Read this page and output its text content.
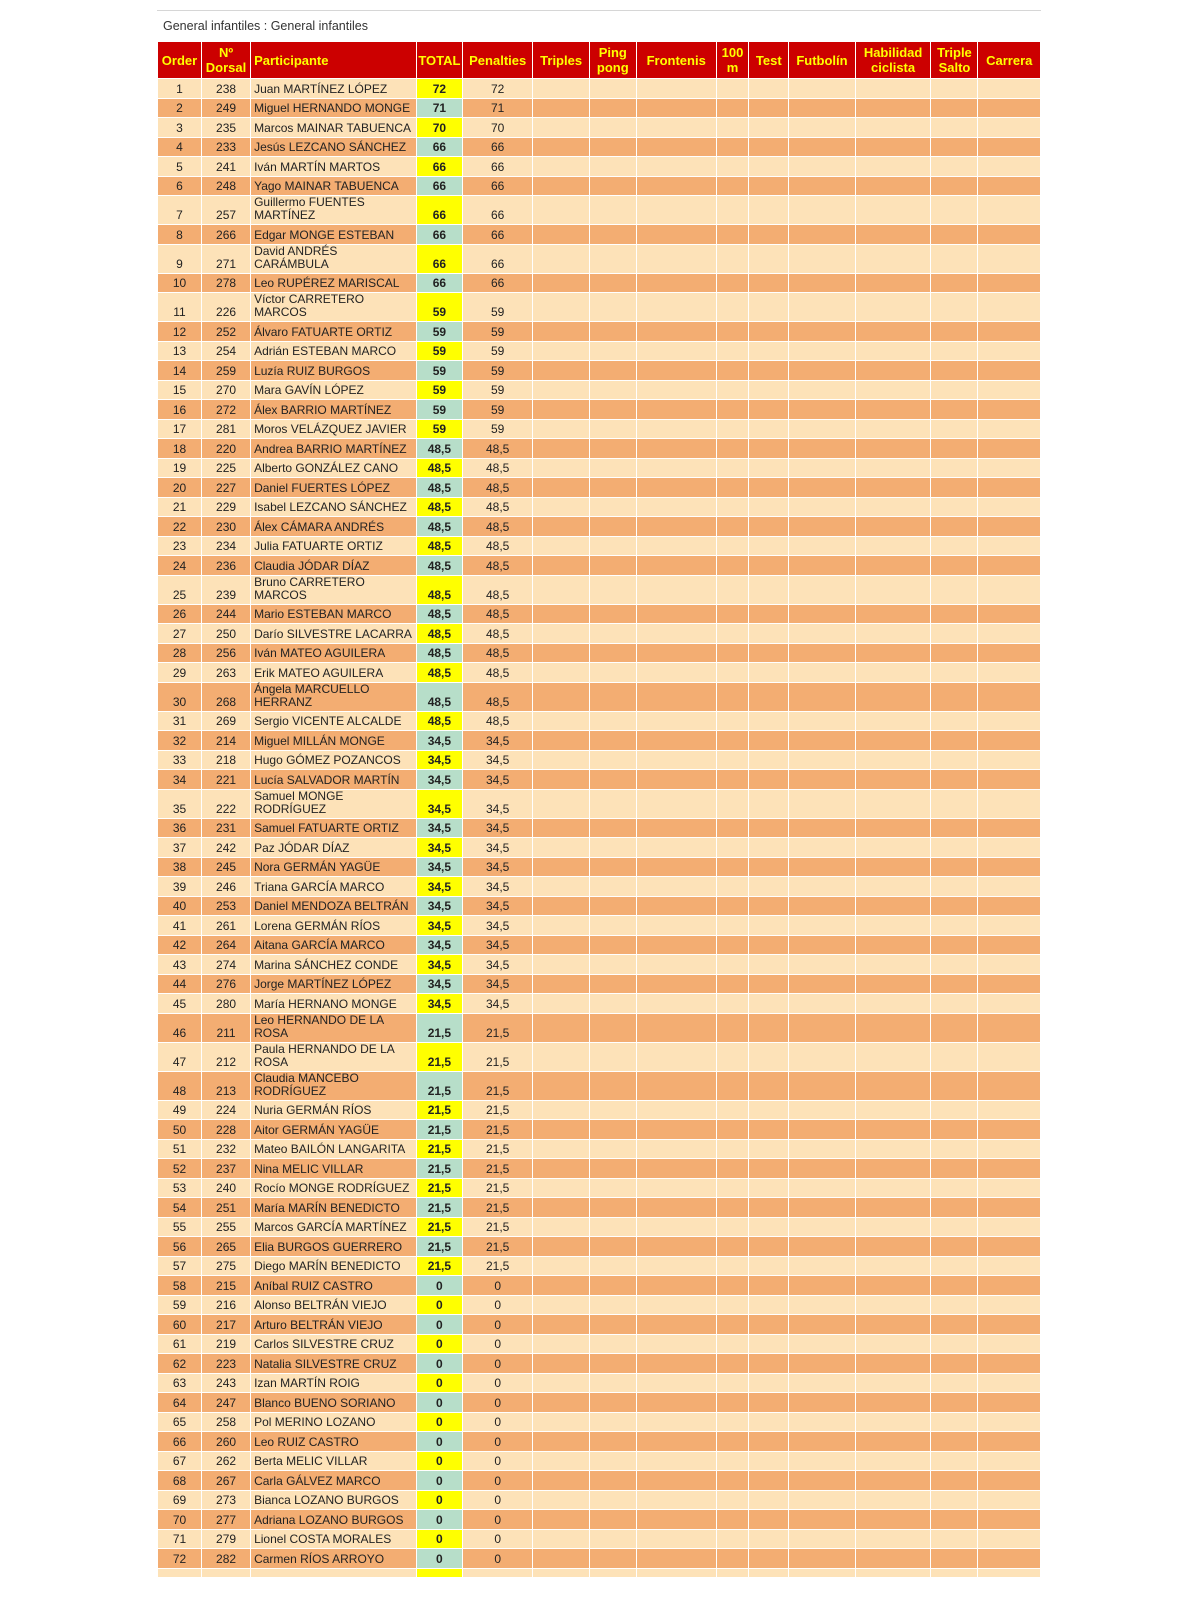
General infantiles : General infantiles
Order	Nº Dorsal	Participante	TOTAL	Penalties	Triples	Ping pong	Frontenis	100 m	Test	Futbolín	Habilidad ciclista	Triple Salto	Carrera
1	238	Juan MARTÍNEZ LÓPEZ	72	72									
2	249	Miguel HERNANDO MONGE	71	71									
3	235	Marcos MAINAR TABUENCA	70	70									
4	233	Jesús LEZCANO SÁNCHEZ	66	66									
5	241	Iván MARTÍN MARTOS	66	66									
6	248	Yago MAINAR TABUENCA	66	66									
7	257	Guillermo FUENTES MARTÍNEZ	66	66									
8	266	Edgar MONGE ESTEBAN	66	66									
9	271	David ANDRÉS CARÁMBULA	66	66									
10	278	Leo RUPÉREZ MARISCAL	66	66									
11	226	Víctor CARRETERO MARCOS	59	59									
12	252	Álvaro FATUARTE ORTIZ	59	59									
13	254	Adrián ESTEBAN MARCO	59	59									
14	259	Luzía RUIZ BURGOS	59	59									
15	270	Mara GAVÍN LÓPEZ	59	59									
16	272	Álex BARRIO MARTÍNEZ	59	59									
17	281	Moros VELÁZQUEZ JAVIER	59	59									
18	220	Andrea BARRIO MARTÍNEZ	48,5	48,5									
19	225	Alberto GONZÁLEZ CANO	48,5	48,5									
20	227	Daniel FUERTES LÓPEZ	48,5	48,5									
21	229	Isabel LEZCANO SÁNCHEZ	48,5	48,5									
22	230	Álex CÁMARA ANDRÉS	48,5	48,5									
23	234	Julia FATUARTE ORTIZ	48,5	48,5									
24	236	Claudia JÓDAR DÍAZ	48,5	48,5									
25	239	Bruno CARRETERO MARCOS	48,5	48,5									
26	244	Mario ESTEBAN MARCO	48,5	48,5									
27	250	Darío SILVESTRE LACARRA	48,5	48,5									
28	256	Iván MATEO AGUILERA	48,5	48,5									
29	263	Erik MATEO AGUILERA	48,5	48,5									
30	268	Ángela MARCUELLO HERRANZ	48,5	48,5									
31	269	Sergio VICENTE ALCALDE	48,5	48,5									
32	214	Miguel MILLÁN MONGE	34,5	34,5									
33	218	Hugo GÓMEZ POZANCOS	34,5	34,5									
34	221	Lucía SALVADOR MARTÍN	34,5	34,5									
35	222	Samuel MONGE RODRÍGUEZ	34,5	34,5									
36	231	Samuel FATUARTE ORTIZ	34,5	34,5									
37	242	Paz JÓDAR DÍAZ	34,5	34,5									
38	245	Nora GERMÁN YAGÜE	34,5	34,5									
39	246	Triana GARCÍA MARCO	34,5	34,5									
40	253	Daniel MENDOZA BELTRÁN	34,5	34,5									
41	261	Lorena GERMÁN RÍOS	34,5	34,5									
42	264	Aitana GARCÍA MARCO	34,5	34,5									
43	274	Marina SÁNCHEZ CONDE	34,5	34,5									
44	276	Jorge MARTÍNEZ LÓPEZ	34,5	34,5									
45	280	María HERNANO MONGE	34,5	34,5									
46	211	Leo HERNANDO DE LA ROSA	21,5	21,5									
47	212	Paula HERNANDO DE LA ROSA	21,5	21,5									
48	213	Claudia MANCEBO RODRÍGUEZ	21,5	21,5									
49	224	Nuria GERMÁN RÍOS	21,5	21,5									
50	228	Aitor GERMÁN YAGÜE	21,5	21,5									
51	232	Mateo BAILÓN LANGARITA	21,5	21,5									
52	237	Nina MELIC VILLAR	21,5	21,5									
53	240	Rocío MONGE RODRÍGUEZ	21,5	21,5									
54	251	María MARÍN BENEDICTO	21,5	21,5									
55	255	Marcos GARCÍA MARTÍNEZ	21,5	21,5									
56	265	Elia BURGOS GUERRERO	21,5	21,5									
57	275	Diego MARÍN BENEDICTO	21,5	21,5									
58	215	Aníbal RUIZ CASTRO	0	0									
59	216	Alonso BELTRÁN VIEJO	0	0									
60	217	Arturo BELTRÁN VIEJO	0	0									
61	219	Carlos SILVESTRE CRUZ	0	0									
62	223	Natalia SILVESTRE CRUZ	0	0									
63	243	Izan MARTÍN ROIG	0	0									
64	247	Blanco BUENO SORIANO	0	0									
65	258	Pol MERINO LOZANO	0	0									
66	260	Leo RUIZ CASTRO	0	0									
67	262	Berta MELIC VILLAR	0	0									
68	267	Carla GÁLVEZ MARCO	0	0									
69	273	Bianca LOZANO BURGOS	0	0									
70	277	Adriana LOZANO BURGOS	0	0									
71	279	Lionel COSTA MORALES	0	0									
72	282	Carmen RÍOS ARROYO	0	0									
